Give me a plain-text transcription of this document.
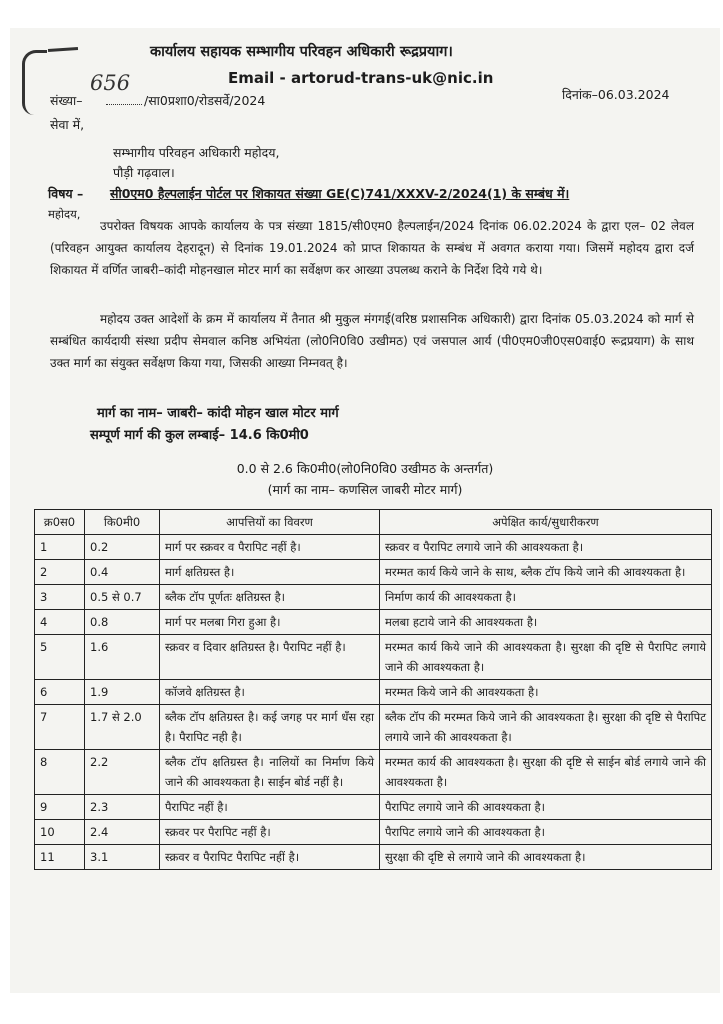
कार्यालय सहायक सम्भागीय परिवहन अधिकारी रूद्रप्रयाग।
Email - artorud-trans-uk@nic.in
656
संख्या–	/सा0प्रशा0/रोडसर्वे/2024	दिनांक–06.03.2024
सेवा में,
सम्भागीय परिवहन अधिकारी महोदय,
पौड़ी गढ़वाल।
विषय – सी0एम0 हैल्पलाईन पोर्टल पर शिकायत संख्या GE(C)741/XXXV-2/2024(1) के सम्बंध में।
महोदय,
उपरोक्त विषयक आपके कार्यालय के पत्र संख्या 1815/सी0एम0 हैल्पलाईन/2024 दिनांक 06.02.2024 के द्वारा एल– 02 लेवल (परिवहन आयुक्त कार्यालय देहरादून) से दिनांक 19.01.2024 को प्राप्त शिकायत के सम्बंध में अवगत कराया गया। जिसमें महोदय द्वारा दर्ज शिकायत में वर्णित जाबरी–कांदी मोहनखाल मोटर मार्ग का सर्वेक्षण कर आख्या उपलब्ध कराने के निर्देश दिये गये थे।
महोदय उक्त आदेशों के क्रम में कार्यालय में तैनात श्री मुकुल मंगगई(वरिष्ठ प्रशासनिक अधिकारी) द्वारा दिनांक 05.03.2024 को मार्ग से सम्बंधित कार्यदायी संस्था प्रदीप सेमवाल कनिष्ठ अभियंता (लो0नि0वि0 उखीमठ) एवं जसपाल आर्य (पी0एम0जी0एस0वाई0 रूद्रप्रयाग) के साथ उक्त मार्ग का संयुक्त सर्वेक्षण किया गया, जिसकी आख्या निम्नवत् है।
मार्ग का नाम– जाबरी– कांदी मोहन खाल मोटर मार्ग
सम्पूर्ण मार्ग की कुल लम्बाई– 14.6 कि0मी0
0.0 से 2.6 कि0मी0(लो0नि0वि0 उखीमठ के अन्तर्गत)
(मार्ग का नाम– कणसिल जाबरी मोटर मार्ग)
क्र0स0	कि0मी0	आपत्तियों का विवरण	अपेक्षित कार्य/सुधारीकरण
1	0.2	मार्ग पर स्क्रवर व पैरापिट नहीं है।	स्क्रवर व पैरापिट लगाये जाने की आवश्यकता है।
2	0.4	मार्ग क्षतिग्रस्त है।	मरम्मत कार्य किये जाने के साथ, ब्लैक टॉप किये जाने की आवश्यकता है।
3	0.5 से 0.7	ब्लैक टॉप पूर्णतः क्षतिग्रस्त है।	निर्माण कार्य की आवश्यकता है।
4	0.8	मार्ग पर मलबा गिरा हुआ है।	मलबा हटाये जाने की आवश्यकता है।
5	1.6	स्क्रवर व दिवार क्षतिग्रस्त है। पैरापिट नहीं है।	मरम्मत कार्य किये जाने की आवश्यकता है। सुरक्षा की दृष्टि से पैरापिट लगाये जाने की आवश्यकता है।
6	1.9	कॉजवे क्षतिग्रस्त है।	मरम्मत किये जाने की आवश्यकता है।
7	1.7 से 2.0	ब्लैक टॉप क्षतिग्रस्त है। कई जगह पर मार्ग धँस रहा है। पैरापिट नही है।	ब्लैक टॉप की मरम्मत किये जाने की आवश्यकता है। सुरक्षा की दृष्टि से पैरापिट लगाये जाने की आवश्यकता है।
8	2.2	ब्लैक टॉप क्षतिग्रस्त है। नालियों का निर्माण किये जाने की आवश्यकता है। साईन बोर्ड नहीं है।	मरम्मत कार्य की आवश्यकता है। सुरक्षा की दृष्टि से साईन बोर्ड लगाये जाने की आवश्यकता है।
9	2.3	पैरापिट नहीं है।	पैरापिट लगाये जाने की आवश्यकता है।
10	2.4	स्क्रवर पर पैरापिट नहीं है।	पैरापिट लगाये जाने की आवश्यकता है।
11	3.1	स्क्रवर व पैरापिट पैरापिट नहीं है।	सुरक्षा की दृष्टि से लगाये जाने की आवश्यकता है।
